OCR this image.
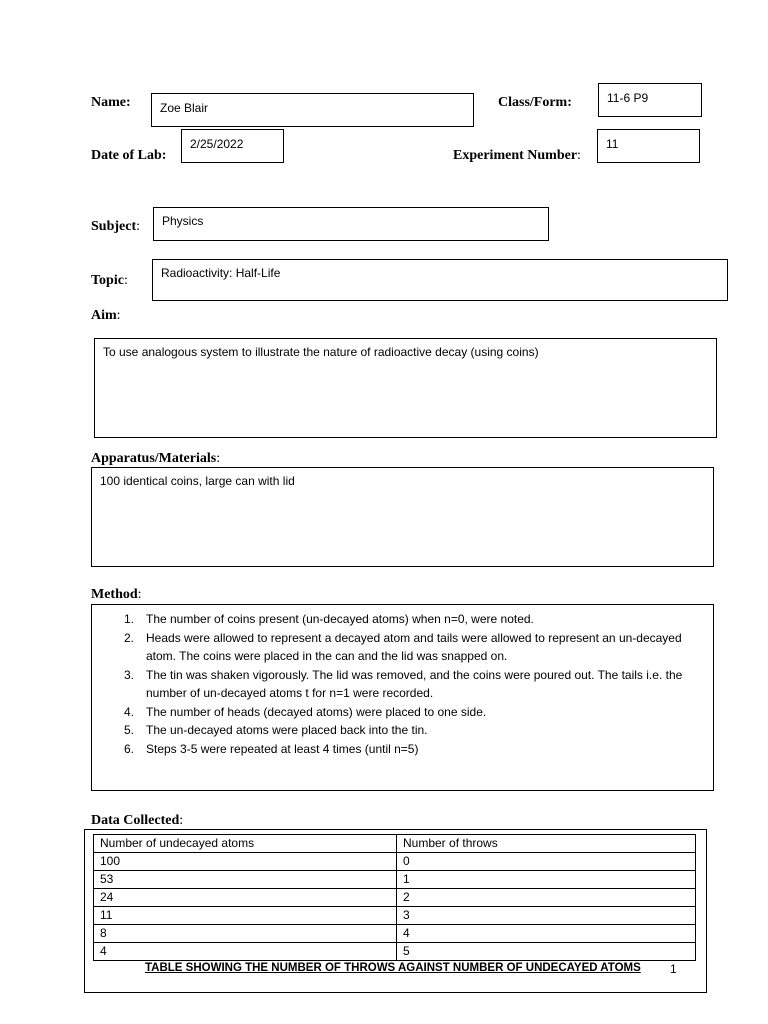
Name:	Zoe Blair	Class/Form:	11-6 P9
Date of Lab:
2/25/2022
Experiment Number:
11
Subject:	Physics
Topic:	Radioactivity: Half-Life
Aim:
To use analogous system to illustrate the nature of radioactive decay (using coins)
Apparatus/Materials:
100 identical coins, large can with lid
Method:
1. The number of coins present (un-decayed atoms) when n=0, were noted.
2. Heads were allowed to represent a decayed atom and tails were allowed to represent an un-decayed atom. The coins were placed in the can and the lid was snapped on.
3. The tin was shaken vigorously. The lid was removed, and the coins were poured out. The tails i.e. the number of un-decayed atoms t for n=1 were recorded.
4. The number of heads (decayed atoms) were placed to one side.
5. The un-decayed atoms were placed back into the tin.
6. Steps 3-5 were repeated at least 4 times (until n=5)
Data Collected:
Number of undecayed atoms	Number of throws
100	0
53	1
24	2
11	3
8	4
4	5
TABLE SHOWING THE NUMBER OF THROWS AGAINST NUMBER OF UNDECAYED ATOMS 1
